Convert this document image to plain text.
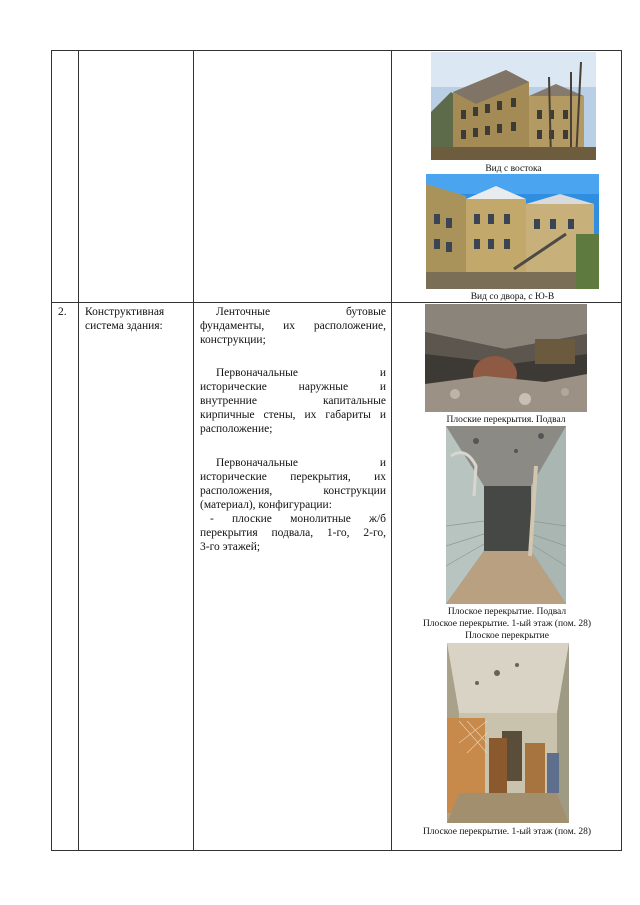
Вид с востока
Вид со двора, с Ю-В
2. Конструктивная
система здания:
Ленточные бутовые
фундаменты, их расположение,
конструкции;
Первоначальные и
исторические наружные и
внутренние капитальные
кирпичные стены, их габариты и
расположение;
Первоначальные и
исторические перекрытия, их
расположения, конструкции
(материал), конфигурации:
- плоские монолитные ж/б
перекрытия подвала, 1-го, 2-го,
3-го этажей;
Плоские перекрытия. Подвал
Плоское перекрытие. Подвал
Плоское перекрытие. 1-ый этаж (пом. 28)
Плоское перекрытие
Плоское перекрытие. 1-ый этаж (пом. 28)
